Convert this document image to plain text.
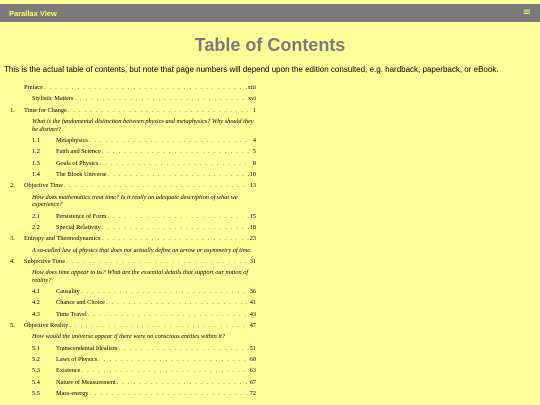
Parallax View	≡
Table of Contents

This is the actual table of contents, but note that page numbers will depend upon the edition consulted, e.g. hardback, paperback, or eBook.

Preface . . .	xiii
Stylistic Matters . . .	xvi
1. Time for Change . . .	1
What is the fundamental distinction between physics and metaphysics? Why should they be distinct?
1.1	Metaphysics . . .	4
1.2	Faith and Science . . .	5
1.3	Goals of Physics . . .	8
1.4	The Block Universe . . .	10
2. Objective Time . . .	13
How does mathematics treat time? Is it really an adequate description of what we experience?
2.1	Persistence of Form . . .	15
2.2	Special Relativity . . .	18
3. Entropy and Thermodynamics . . .	23
A so-called law of physics that does not actually define an arrow or asymmetry of time.
4. Subjective Time . . .	31
How does time appear to us? What are the essential details that support our notion of reality?
4.1	Causality . . .	36
4.2	Chance and Choice . . .	41
4.3	Time Travel . . .	43
5. Objective Reality . . .	47
How would the universe appear if there were no conscious entities within it?
5.1	Transcendental Idealism . . .	51
5.2	Laws of Physics . . .	60
5.3	Existence . . .	63
5.4	Nature of Measurement . . .	67
5.5	Mass-energy . . .	72
